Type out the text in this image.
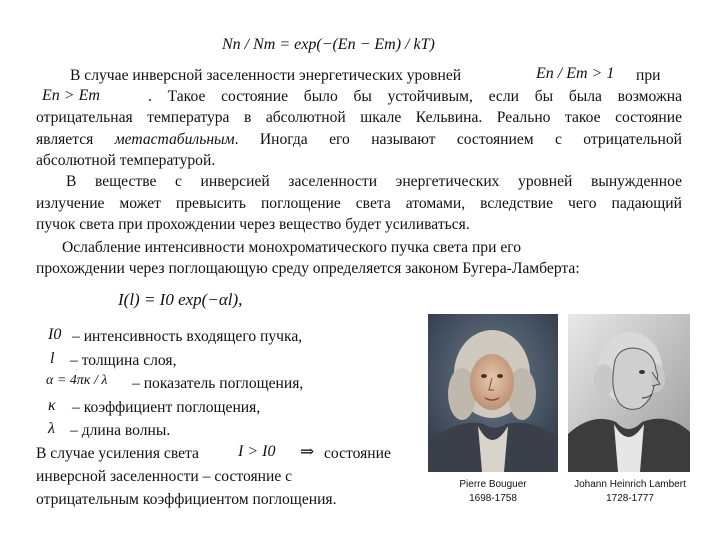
Nn / Nm = exp(−(En − Em) / kT)
В случае инверсной заселенности энергетических уровней	En / Em > 1 при
En > Em	. Такое состояние было бы устойчивым, если бы была возможна
отрицательная температура в абсолютной шкале Кельвина. Реально такое состояние
является метастабильным. Иногда его называют состоянием с отрицательной
абсолютной температурой.
В веществе с инверсией заселенности энергетических уровней вынужденное
излучение может превысить поглощение света атомами, вследствие чего падающий
пучок света при прохождении через вещество будет усиливаться.
Ослабление интенсивности монохроматического пучка света при его
прохождении через поглощающую среду определяется законом Бугера-Ламберта:
I(l) = I0 exp(−αl),
I0 – интенсивность входящего пучка,
l – толщина слоя,
α = 4πκ / λ – показатель поглощения,
κ – коэффициент поглощения,
λ – длина волны.
В случае усиления света I > I0 ⇒ состояние
инверсной заселенности – состояние с
отрицательным коэффициентом поглощения.
Pierre Bouguer
1698-1758
Johann Heinrich Lambert
1728-1777
